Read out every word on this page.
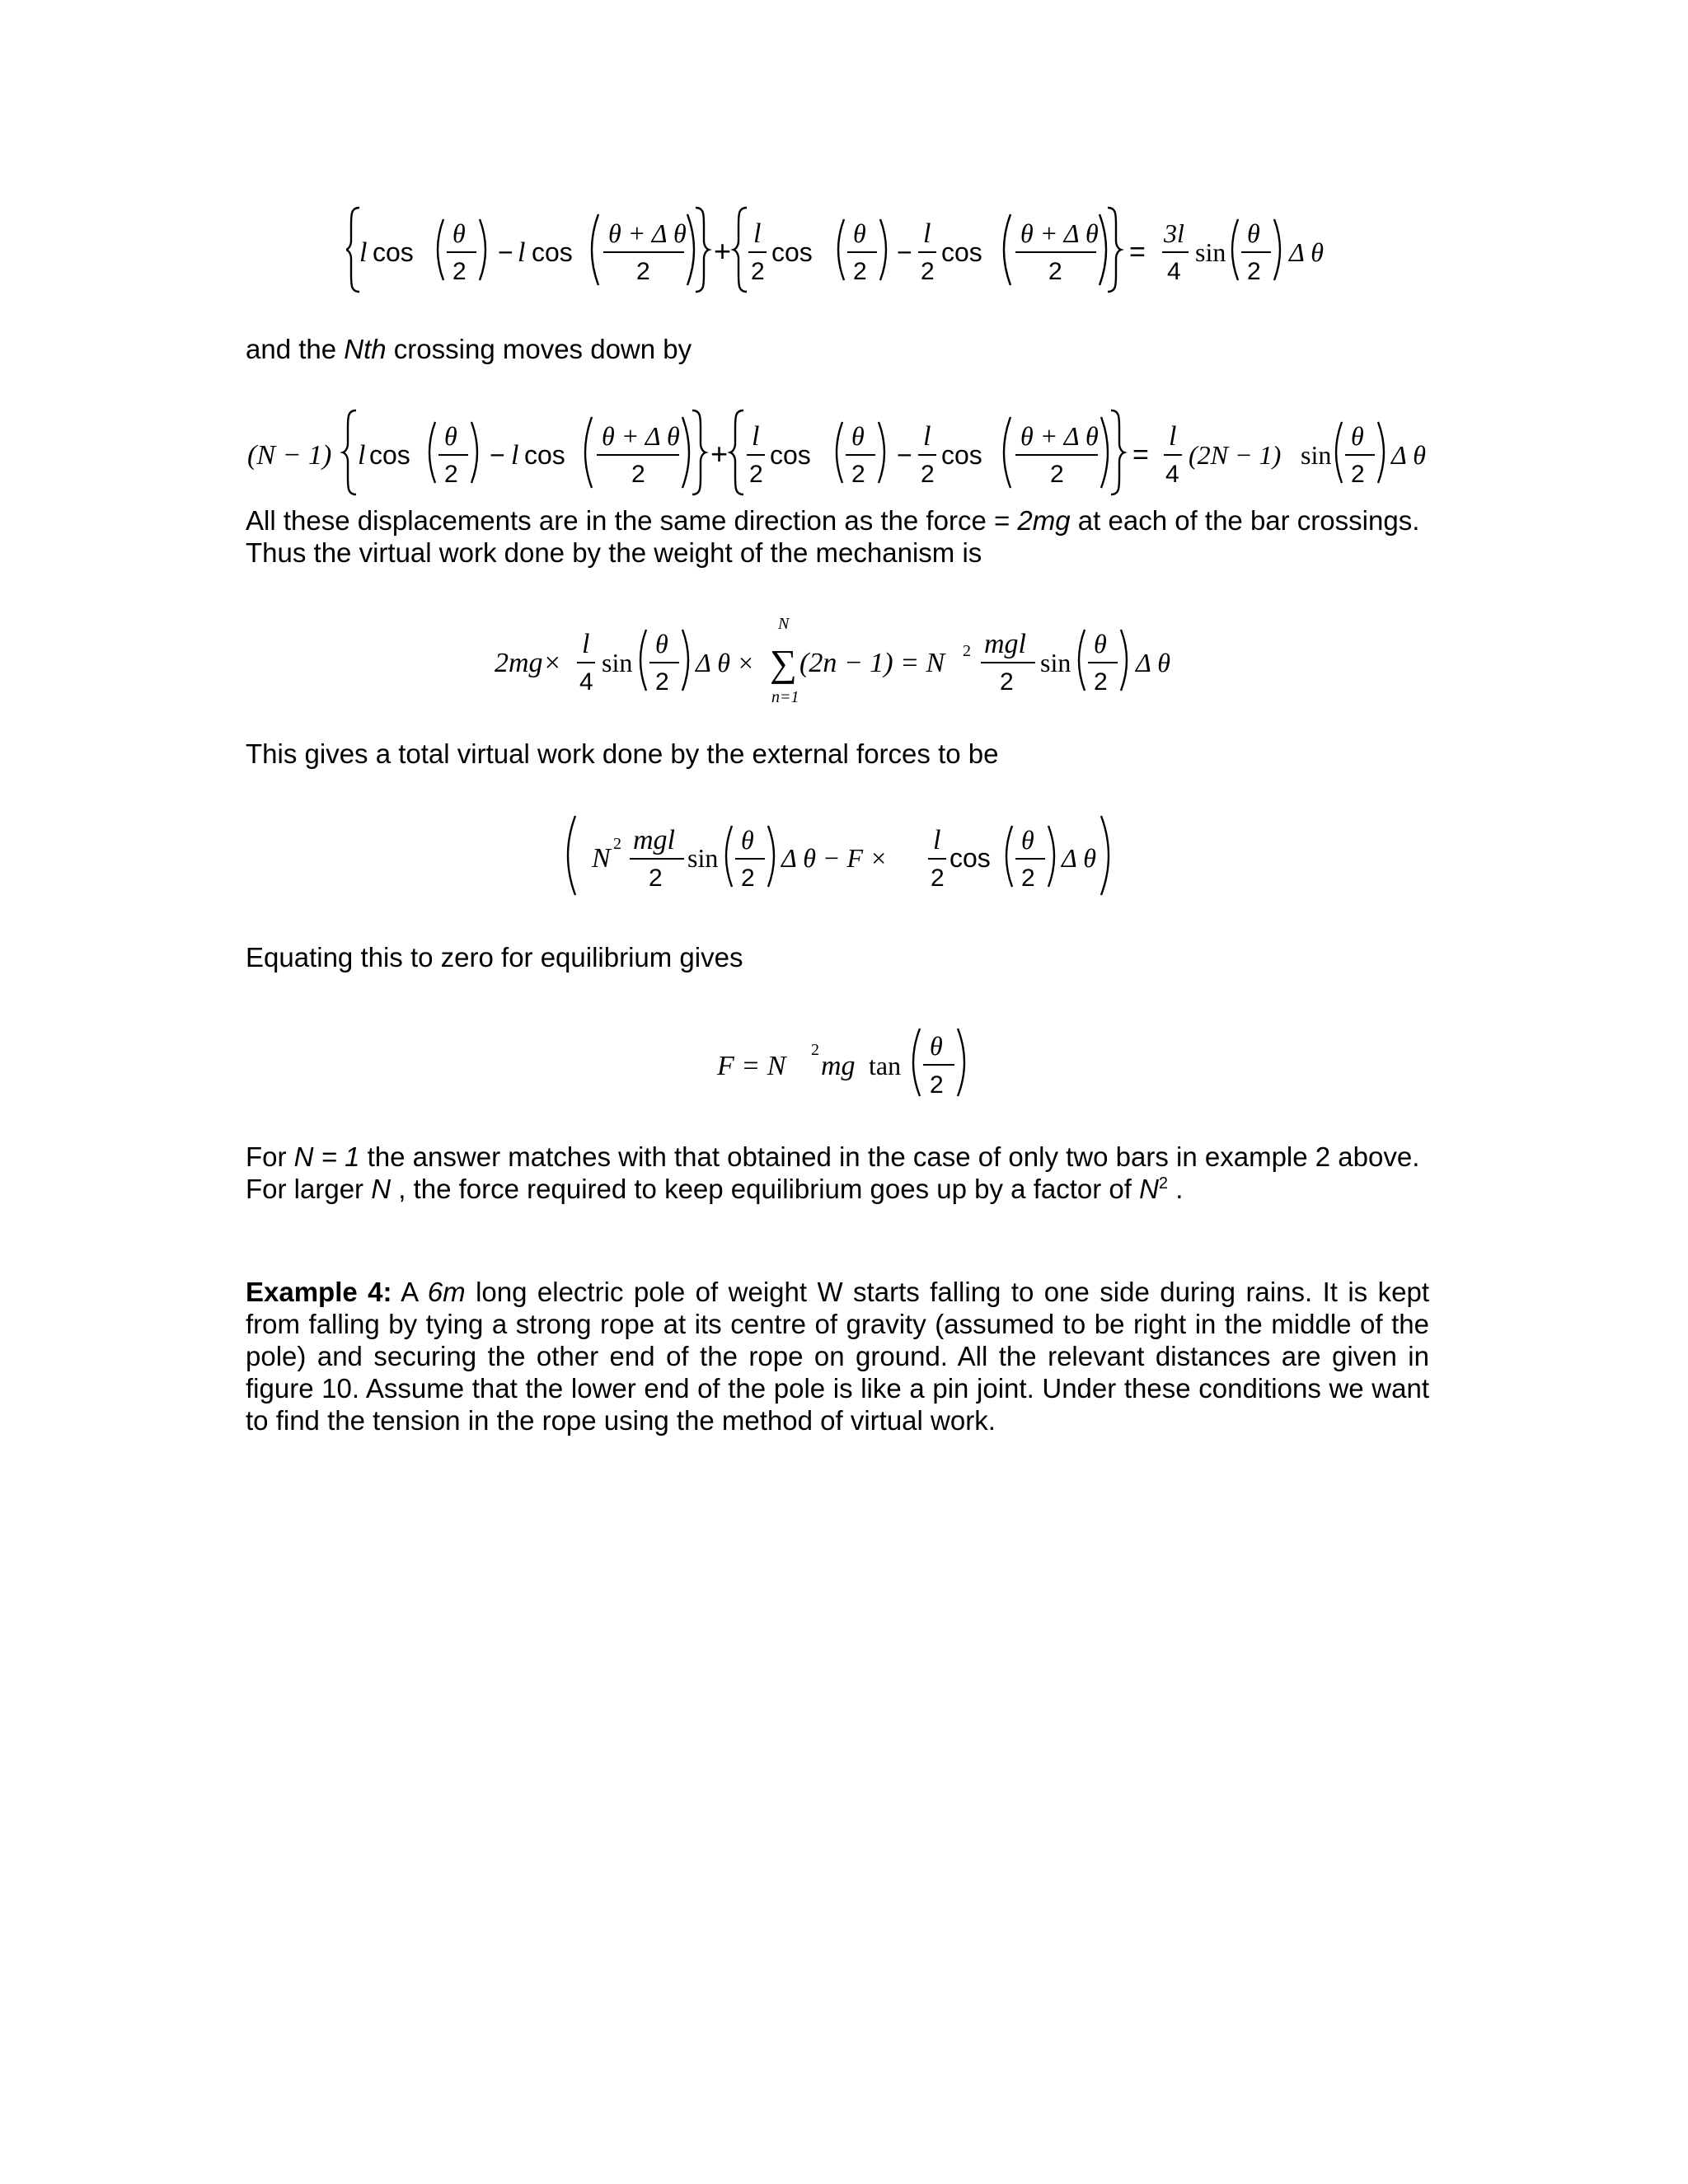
l cos
θ
2
− l cos
θ + Δ θ
2
+
l
2
cos
θ
2
−
l
2
cos
θ + Δ θ
2
=
3l
4
sin
θ
2
Δ θ

and the Nth crossing moves down by

(N − 1) l cos
θ
2
− l cos
θ + Δ θ
2
+
l
2
cos
θ
2
−
l
2
cos
θ + Δ θ
2
=
l
4
(2N − 1) sin
θ
2
Δ θ

All these displacements are in the same direction as the force = 2mg at each of the bar crossings.
Thus the virtual work done by the weight of the mechanism is

2mg×
l
4
sin
θ
2
Δ θ ×
N
∑
n=1
(2n − 1) = N 2 mgl
2
sin
θ
2
Δ θ

This gives a total virtual work done by the external forces to be

N 2 mgl
2
sin
θ
2
Δ θ − F ×
l
2
cos
θ
2
Δ θ

Equating this to zero for equilibrium gives

F = N
2
mg tan
θ
2

For N = 1 the answer matches with that obtained in the case of only two bars in example 2 above.
For larger N , the force required to keep equilibrium goes up by a factor of $N^2$ .

Example 4: A 6m long electric pole of weight W starts falling to one side during rains. It is kept from falling by tying a strong rope at its centre of gravity (assumed to be right in the middle of the pole) and securing the other end of the rope on ground. All the relevant distances are given in figure 10. Assume that the lower end of the pole is like a pin joint. Under these conditions we want to find the tension in the rope using the method of virtual work.
